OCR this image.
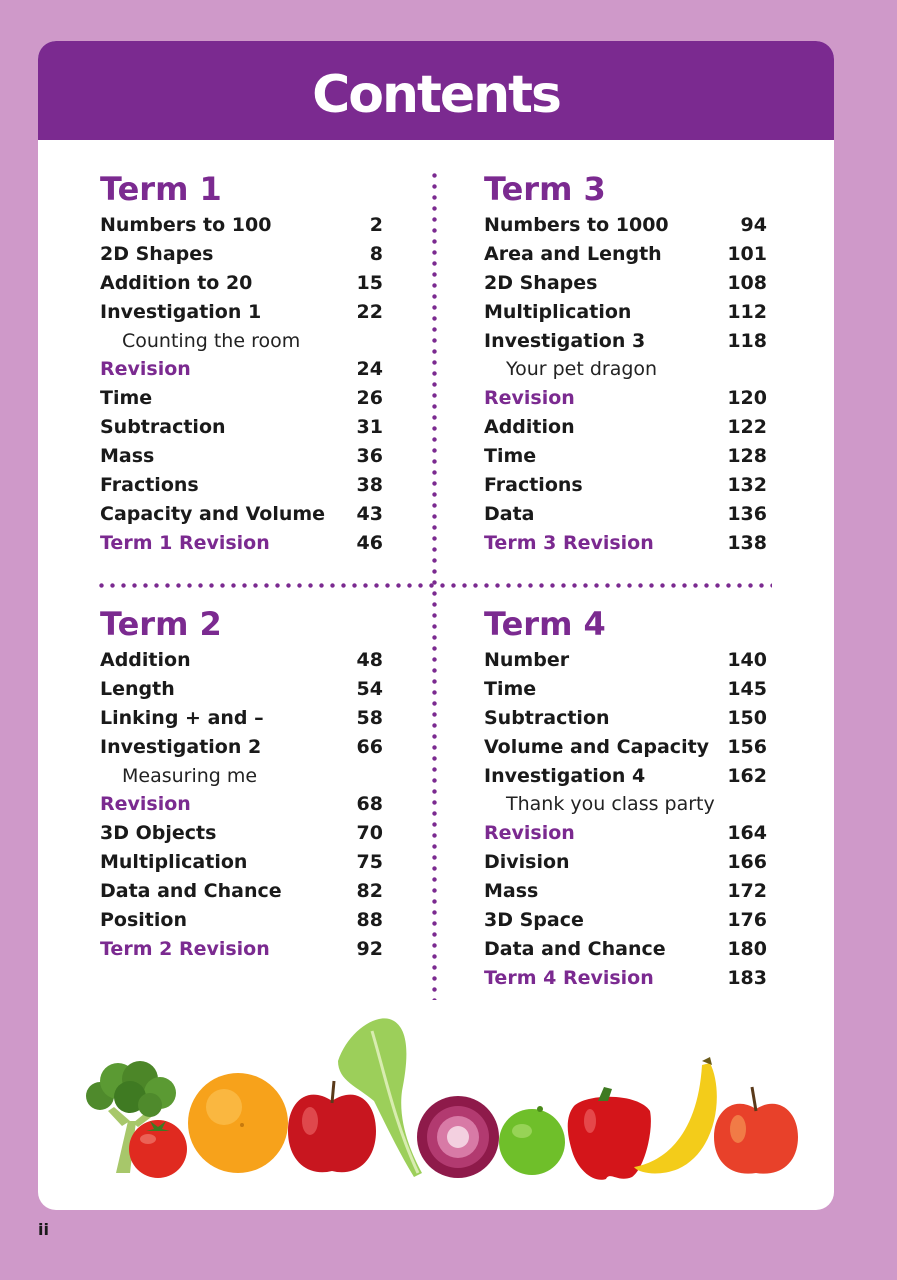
Contents
Term 1
Numbers to 100	2
2D Shapes	8
Addition to 20	15
Investigation 1	22
Counting the room
Revision	24
Time	26
Subtraction	31
Mass	36
Fractions	38
Capacity and Volume 43
Term 1 Revision	46
Term 3
Numbers to 1000	94
Area and Length	101
2D Shapes	108
Multiplication	112
Investigation 3	118
Your pet dragon
Revision	120
Addition	122
Time	128
Fractions	132
Data	136
Term 3 Revision	138
Term 2
Addition	48
Length	54
Linking + and –	58
Investigation 2	66
Measuring me
Revision	68
3D Objects	70
Multiplication	75
Data and Chance	82
Position	88
Term 2 Revision	92
Term 4
Number	140
Time	145
Subtraction	150
Volume and Capacity 156
Investigation 4	162
Thank you class party
Revision	164
Division	166
Mass	172
3D Space	176
Data and Chance	180
Term 4 Revision	183
ii
